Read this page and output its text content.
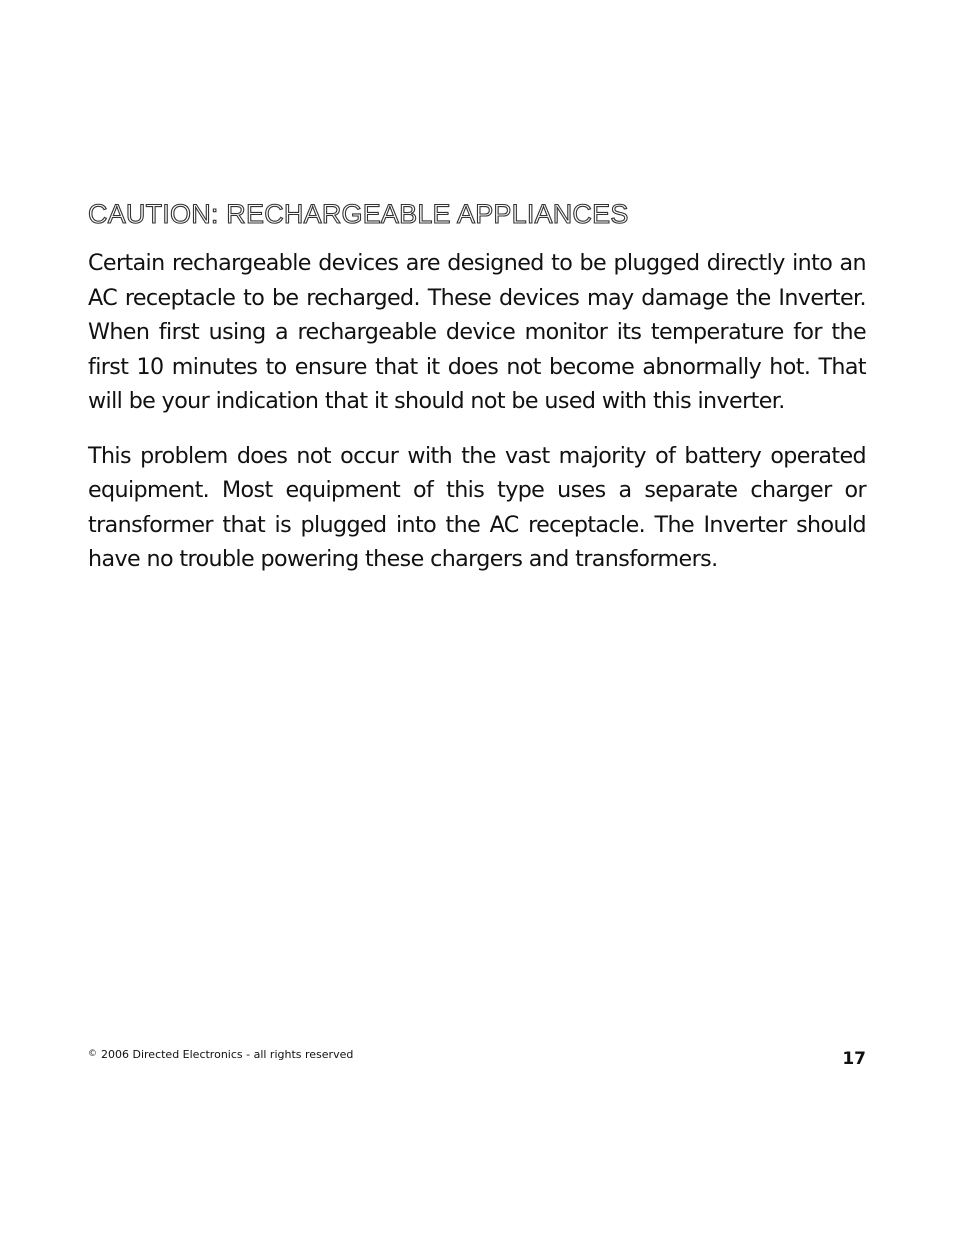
CAUTION: RECHARGEABLE APPLIANCES

Certain rechargeable devices are designed to be plugged directly into an AC receptacle to be recharged. These devices may damage the Inverter. When first using a rechargeable device monitor its temperature for the first 10 minutes to ensure that it does not become abnormally hot. That will be your indication that it should not be used with this inverter.

This problem does not occur with the vast majority of battery operated equipment. Most equipment of this type uses a separate charger or transformer that is plugged into the AC receptacle. The Inverter should have no trouble powering these chargers and transformers.

© 2006 Directed Electronics - all rights reserved	17
